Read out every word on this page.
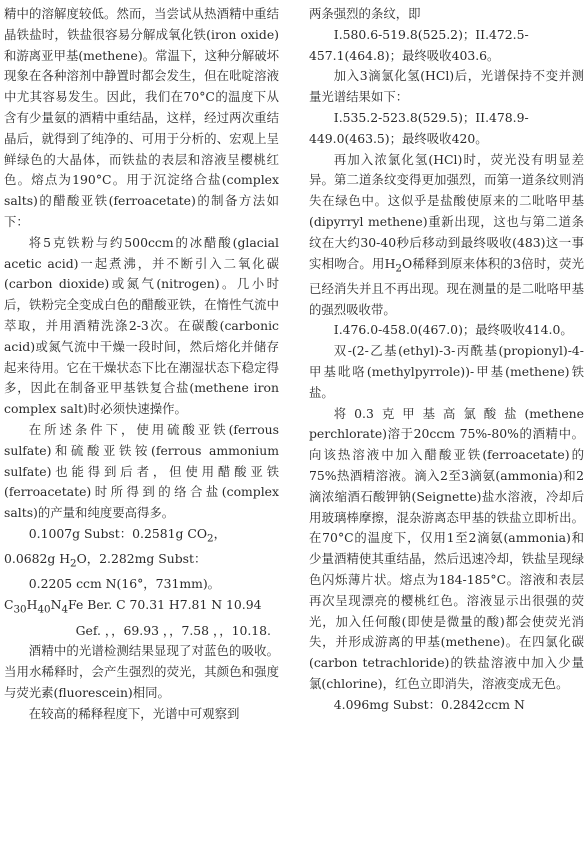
精中的溶解度较低。然而，当尝试从热酒精中重结晶铁盐时，铁盐很容易分解成氧化铁(iron oxide)和游离亚甲基(methene)。常温下，这种分解破坏现象在各种溶剂中静置时都会发生，但在吡啶溶液中尤其容易发生。因此，我们在70°C的温度下从含有少量氨的酒精中重结晶，这样，经过两次重结晶后，就得到了纯净的、可用于分析的、宏观上呈鲜绿色的大晶体，而铁盐的表层和溶液呈樱桃红色。熔点为190°C。用于沉淀络合盐(complex salts)的醋酸亚铁(ferroacetate)的制备方法如下：

将5克铁粉与约500ccm的冰醋酸(glacial acetic acid)一起煮沸，并不断引入二氧化碳(carbon dioxide)或氮气(nitrogen)。几小时后，铁粉完全变成白色的醋酸亚铁，在惰性气流中萃取，并用酒精洗涤2-3次。在碳酸(carbonic acid)或氮气流中干燥一段时间，然后熔化并储存起来待用。它在干燥状态下比在潮湿状态下稳定得多，因此在制备亚甲基铁复合盐(methene iron complex salt)时必须快速操作。

在所述条件下，使用硫酸亚铁(ferrous sulfate)和硫酸亚铁铵(ferrous ammonium sulfate)也能得到后者，但使用醋酸亚铁(ferroacetate)时所得到的络合盐(complex salts)的产量和纯度要高得多。

0.1007g Subst：0.2581g $CO_2$，

0.0682g $H_2O$，2.282mg Subst：

0.2205 ccm N(16°，731mm)。

$C_{30}H_{40}N_4Fe$ Ber. C 70.31 H7.81 N 10.94

Gef. ，，69.93 ，，7.58 ，，10.18.

酒精中的光谱检测结果显现了对蓝色的吸收。当用水稀释时，会产生强烈的荧光，其颜色和强度与荧光素(fluorescein)相同。

在较高的稀释程度下，光谱中可观察到

两条强烈的条纹，即

I.580.6-519.8(525.2)；II.472.5-457.1(464.8)；最终吸收403.6。

加入3滴氯化氢(HCl)后，光谱保持不变并测量光谱结果如下：

I.535.2-523.8(529.5)；II.478.9-449.0(463.5)；最终吸收420。

再加入浓氯化氢(HCl)时，荧光没有明显差异。第二道条纹变得更加强烈，而第一道条纹则消失在绿色中。这似乎是盐酸使原来的二吡咯甲基(dipyrryl methene)重新出现，这也与第二道条纹在大约30-40秒后移动到最终吸收(483)这一事实相吻合。用$H_2O$稀释到原来体积的3倍时，荧光已经消失并且不再出现。现在测量的是二吡咯甲基的强烈吸收带。

I.476.0-458.0(467.0)；最终吸收414.0。

双-(2-乙基(ethyl)-3-丙酰基(propionyl)-4-甲基吡咯(methylpyrrole))-甲基(methene)铁盐。

将0.3克甲基高氯酸盐(methene perchlorate)溶于20ccm 75%-80%的酒精中。向该热溶液中加入醋酸亚铁(ferroacetate)的75%热酒精溶液。滴入2至3滴氨(ammonia)和2滴浓缩酒石酸钾钠(Seignette)盐水溶液，冷却后用玻璃棒摩擦，混杂游离态甲基的铁盐立即析出。在70°C的温度下，仅用1至2滴氨(ammonia)和少量酒精使其重结晶，然后迅速冷却，铁盐呈现绿色闪烁薄片状。熔点为184-185°C。溶液和表层再次呈现漂亮的樱桃红色。溶液显示出很强的荧光，加入任何酸(即使是微量的酸)都会使荧光消失，并形成游离的甲基(methene)。在四氯化碳(carbon tetrachloride)的铁盐溶液中加入少量氯(chlorine)，红色立即消失，溶液变成无色。

4.096mg Subst：0.2842ccm N
